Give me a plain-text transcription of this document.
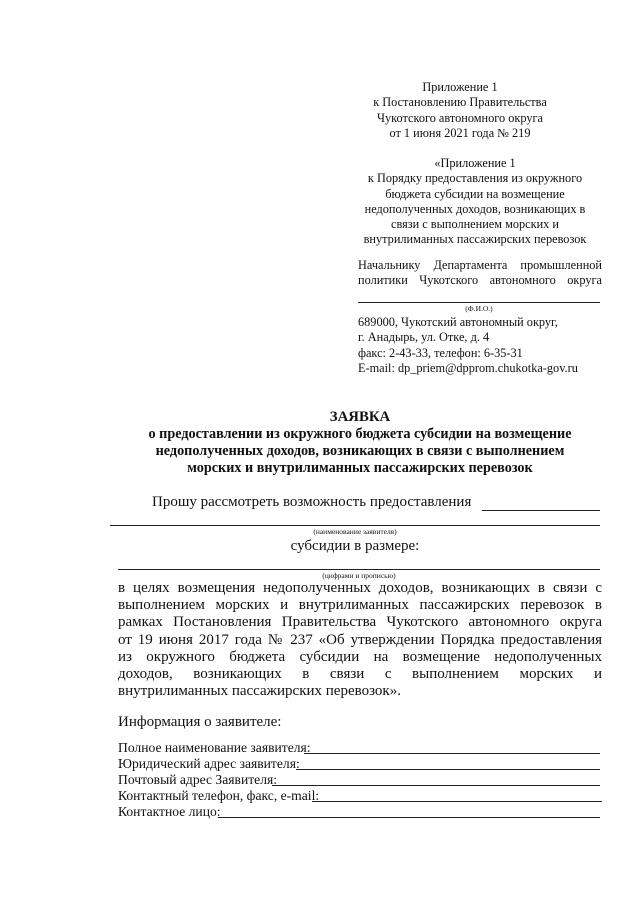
Приложение 1
к Постановлению Правительства
Чукотского автономного округа
от 1 июня 2021 года № 219
«Приложение 1
к Порядку предоставления из окружного
бюджета субсидии на возмещение
недополученных доходов, возникающих в
связи с выполнением морских и
внутрилиманных пассажирских перевозок
Начальнику Департамента промышленной
политики Чукотского автономного округа
(Ф.И.О.)
689000, Чукотский автономный округ,
г. Анадырь, ул. Отке, д. 4
факс: 2-43-33, телефон: 6-35-31
E-mail: dp_priem@dpprom.chukotka-gov.ru
ЗАЯВКА
о предоставлении из окружного бюджета субсидии на возмещение
недополученных доходов, возникающих в связи с выполнением
морских и внутрилиманных пассажирских перевозок
Прошу рассмотреть возможность предоставления
(наименование заявителя)
субсидии в размере:
(цифрами и прописью)
в целях возмещения недополученных доходов, возникающих в связи с
выполнением морских и внутрилиманных пассажирских перевозок в
рамках Постановления Правительства Чукотского автономного округа
от 19 июня 2017 года № 237 «Об утверждении Порядка предоставления
из окружного бюджета субсидии на возмещение недополученных
доходов, возникающих в связи с выполнением морских и
внутрилиманных пассажирских перевозок».
Информация о заявителе:
Полное наименование заявителя:
Юридический адрес заявителя:
Почтовый адрес Заявителя:
Контактный телефон, факс, e-mail:
Контактное лицо:
